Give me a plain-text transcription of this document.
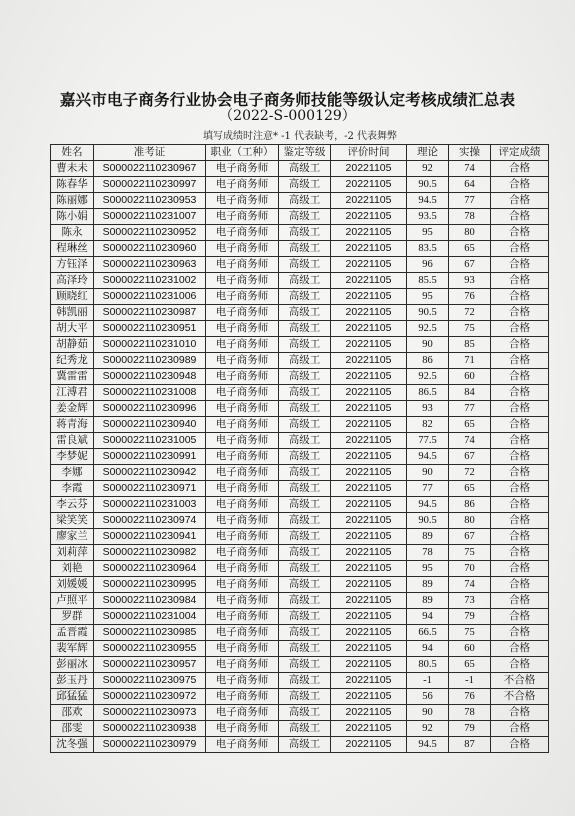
嘉兴市电子商务行业协会电子商务师技能等级认定考核成绩汇总表
（2022-S-000129）
填写成绩时注意* -1 代表缺考，-2 代表舞弊
姓名	准考证	职业（工种）	鉴定等级	评价时间	理论	实操	评定成绩
曹未未	S000022110230967	电子商务师	高级工	20221105	92	74	合格
陈春华	S000022110230997	电子商务师	高级工	20221105	90.5	64	合格
陈丽娜	S000022110230953	电子商务师	高级工	20221105	94.5	77	合格
陈小娟	S000022110231007	电子商务师	高级工	20221105	93.5	78	合格
陈永	S000022110230952	电子商务师	高级工	20221105	95	80	合格
程琳丝	S000022110230960	电子商务师	高级工	20221105	83.5	65	合格
方钰泽	S000022110230963	电子商务师	高级工	20221105	96	67	合格
高泽玲	S000022110231002	电子商务师	高级工	20221105	85.5	93	合格
顾晓红	S000022110231006	电子商务师	高级工	20221105	95	76	合格
韩凯丽	S000022110230987	电子商务师	高级工	20221105	90.5	72	合格
胡大平	S000022110230951	电子商务师	高级工	20221105	92.5	75	合格
胡静茹	S000022110231010	电子商务师	高级工	20221105	90	85	合格
纪秀龙	S000022110230989	电子商务师	高级工	20221105	86	71	合格
冀雷雷	S000022110230948	电子商务师	高级工	20221105	92.5	60	合格
江溥君	S000022110231008	电子商务师	高级工	20221105	86.5	84	合格
姜金辉	S000022110230996	电子商务师	高级工	20221105	93	77	合格
蒋青海	S000022110230940	电子商务师	高级工	20221105	82	65	合格
雷良斌	S000022110231005	电子商务师	高级工	20221105	77.5	74	合格
李梦妮	S000022110230991	电子商务师	高级工	20221105	94.5	67	合格
李娜	S000022110230942	电子商务师	高级工	20221105	90	72	合格
李霞	S000022110230971	电子商务师	高级工	20221105	77	65	合格
李云芬	S000022110231003	电子商务师	高级工	20221105	94.5	86	合格
梁笑笑	S000022110230974	电子商务师	高级工	20221105	90.5	80	合格
廖家兰	S000022110230941	电子商务师	高级工	20221105	89	67	合格
刘莉萍	S000022110230982	电子商务师	高级工	20221105	78	75	合格
刘艳	S000022110230964	电子商务师	高级工	20221105	95	70	合格
刘媛媛	S000022110230995	电子商务师	高级工	20221105	89	74	合格
卢照平	S000022110230984	电子商务师	高级工	20221105	89	73	合格
罗群	S000022110231004	电子商务师	高级工	20221105	94	79	合格
孟晋霞	S000022110230985	电子商务师	高级工	20221105	66.5	75	合格
裴军辉	S000022110230955	电子商务师	高级工	20221105	94	60	合格
彭丽冰	S000022110230957	电子商务师	高级工	20221105	80.5	65	合格
彭玉丹	S000022110230975	电子商务师	高级工	20221105	-1	-1	不合格
邱猛猛	S000022110230972	电子商务师	高级工	20221105	56	76	不合格
邵欢	S000022110230973	电子商务师	高级工	20221105	90	78	合格
邵雯	S000022110230938	电子商务师	高级工	20221105	92	79	合格
沈冬强	S000022110230979	电子商务师	高级工	20221105	94.5	87	合格
